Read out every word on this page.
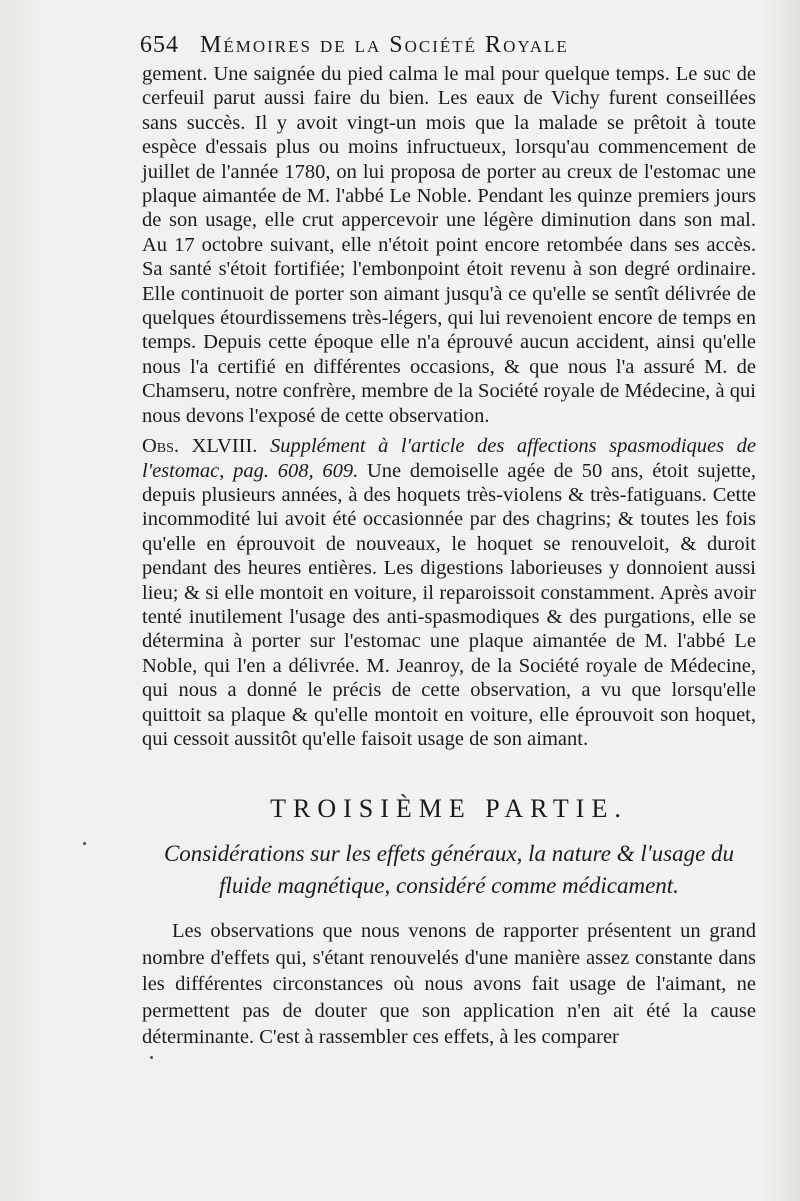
654 Mémoires de la Société Royale

gement. Une saignée du pied calma le mal pour quelque temps. Le suc de cerfeuil parut aussi faire du bien. Les eaux de Vichy furent conseillées sans succès. Il y avoit vingt-un mois que la malade se prêtoit à toute espèce d'essais plus ou moins infructueux, lorsqu'au commencement de juillet de l'année 1780, on lui proposa de porter au creux de l'estomac une plaque aimantée de M. l'abbé Le Noble. Pendant les quinze premiers jours de son usage, elle crut appercevoir une légère diminution dans son mal. Au 17 octobre suivant, elle n'étoit point encore retombée dans ses accès. Sa santé s'étoit fortifiée; l'embonpoint étoit revenu à son degré ordinaire. Elle continuoit de porter son aimant jusqu'à ce qu'elle se sentît délivrée de quelques étourdissemens très-légers, qui lui revenoient encore de temps en temps. Depuis cette époque elle n'a éprouvé aucun accident, ainsi qu'elle nous l'a certifié en différentes occasions, & que nous l'a assuré M. de Chamseru, notre confrère, membre de la Société royale de Médecine, à qui nous devons l'exposé de cette observation.

Obs. XLVIII. Supplément à l'article des affections spasmodiques de l'estomac, pag. 608, 609. Une demoiselle agée de 50 ans, étoit sujette, depuis plusieurs années, à des hoquets très-violens & très-fatiguans. Cette incommodité lui avoit été occasionnée par des chagrins; & toutes les fois qu'elle en éprouvoit de nouveaux, le hoquet se renouveloit, & duroit pendant des heures entières. Les digestions laborieuses y donnoient aussi lieu; & si elle montoit en voiture, il reparoissoit constamment. Après avoir tenté inutilement l'usage des anti-spasmodiques & des purgations, elle se détermina à porter sur l'estomac une plaque aimantée de M. l'abbé Le Noble, qui l'en a délivrée. M. Jeanroy, de la Société royale de Médecine, qui nous a donné le précis de cette observation, a vu que lorsqu'elle quittoit sa plaque & qu'elle montoit en voiture, elle éprouvoit son hoquet, qui cessoit aussitôt qu'elle faisoit usage de son aimant.

TROISIÈME PARTIE.
Considérations sur les effets généraux, la nature & l'usage du fluide magnétique, considéré comme médicament.

Les observations que nous venons de rapporter présentent un grand nombre d'effets qui, s'étant renouvelés d'une manière assez constante dans les différentes circonstances où nous avons fait usage de l'aimant, ne permettent pas de douter que son application n'en ait été la cause déterminante. C'est à rassembler ces effets, à les comparer
